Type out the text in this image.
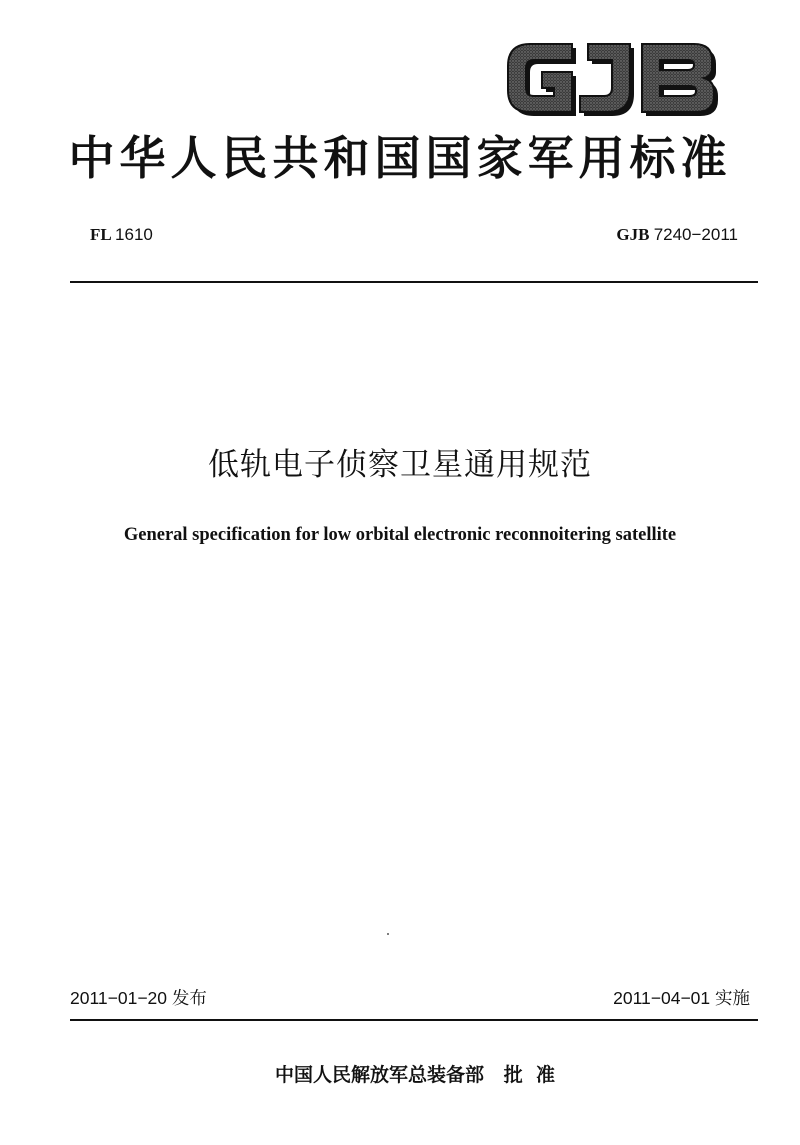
中华人民共和国国家军用标准
FL 1610	GJB 7240−2011
低轨电子侦察卫星通用规范
General specification for low orbital electronic reconnoitering satellite
2011−01−20 发布	2011−04−01 实施
中国人民解放军总装备部   批  准
